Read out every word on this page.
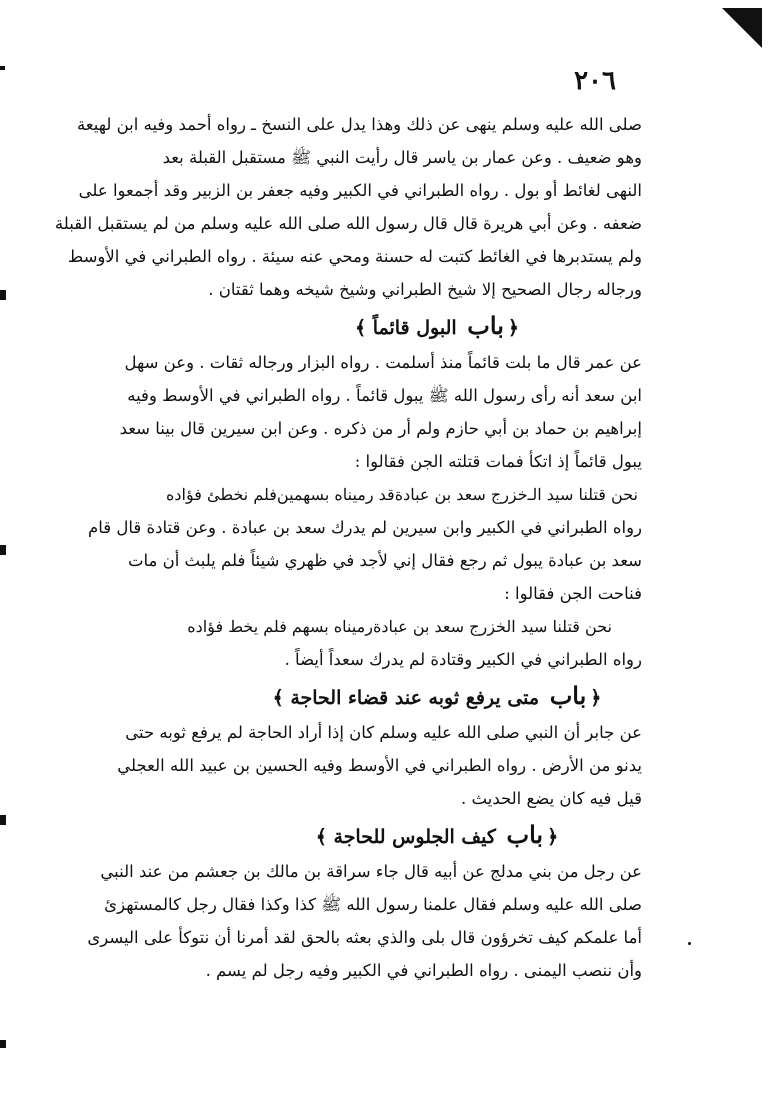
٢٠٦
صلى الله عليه وسلم ينهى عن ذلك وهذا يدل على النسخ ـ رواه أحمد وفيه ابن لهيعة
وهو ضعيف . وعن عمار بن ياسر قال رأيت النبي ﷺ مستقبل القبلة بعد
النهى لغائط أو بول . رواه الطبراني في الكبير وفيه جعفر بن الزبير وقد أجمعوا على
ضعفه . وعن أبي هريرة قال قال رسول الله صلى الله عليه وسلم من لم يستقبل القبلة
ولم يستدبرها في الغائط كتبت له حسنة ومحي عنه سيئة . رواه الطبراني في الأوسط
ورجاله رجال الصحيح إلا شيخ الطبراني وشيخ شيخه وهما ثقتان .
﴿باب البول قائماً ﴾
عن عمر قال ما بلت قائماً منذ أسلمت . رواه البزار ورجاله ثقات . وعن سهل
ابن سعد أنه رأى رسول الله ﷺ يبول قائماً . رواه الطبراني في الأوسط وفيه
إبراهيم بن حماد بن أبي حازم ولم أر من ذكره . وعن ابن سيرين قال بينا سعد
يبول قائماً إذ اتكأ فمات قتلته الجن فقالوا :
نحن قتلنا سيد الـ
خزرج سعد بن عبادة
قد رميناه بسهمين
فلم نخطئ فؤاده
رواه الطبراني في الكبير وابن سيرين لم يدرك سعد بن عبادة . وعن قتادة قال قام
سعد بن عبادة يبول ثم رجع فقال إني لأجد في ظهري شيئاً فلم يلبث أن مات
فناحت الجن فقالوا :
نحن قتلنا سيد الخزرج سعد بن عبادة
رميناه بسهم فلم يخط فؤاده
رواه الطبراني في الكبير وقتادة لم يدرك سعداً أيضاً .
﴿باب متى يرفع ثوبه عند قضاء الحاجة ﴾
عن جابر أن النبي صلى الله عليه وسلم كان إذا أراد الحاجة لم يرفع ثوبه حتى
يدنو من الأرض . رواه الطبراني في الأوسط وفيه الحسين بن عبيد الله العجلي
قيل فيه كان يضع الحديث .
﴿باب كيف الجلوس للحاجة ﴾
عن رجل من بني مدلج عن أبيه قال جاء سراقة بن مالك بن جعشم من عند النبي
صلى الله عليه وسلم فقال علمنا رسول الله ﷺ كذا وكذا فقال رجل كالمستهزئ
أما علمكم كيف تخرؤون قال بلى والذي بعثه بالحق لقد أمرنا أن نتوكأ على اليسرى
وأن ننصب اليمنى . رواه الطبراني في الكبير وفيه رجل لم يسم .
